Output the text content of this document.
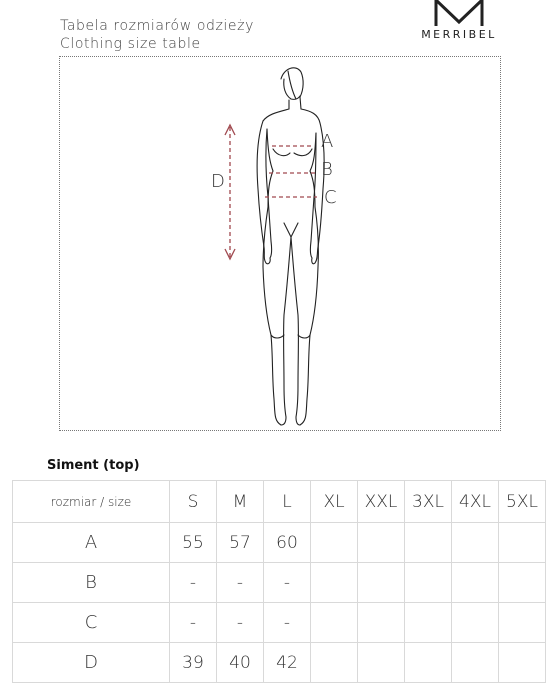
Tabela rozmiarów odzieży
Clothing size table
MERRIBEL
A
B
C
D
Siment (top)
rozmiar / size	S	M	L	XL	XXL	3XL	4XL	5XL
A	55	57	60					
B	-	-	-					
C	-	-	-					
D	39	40	42					
